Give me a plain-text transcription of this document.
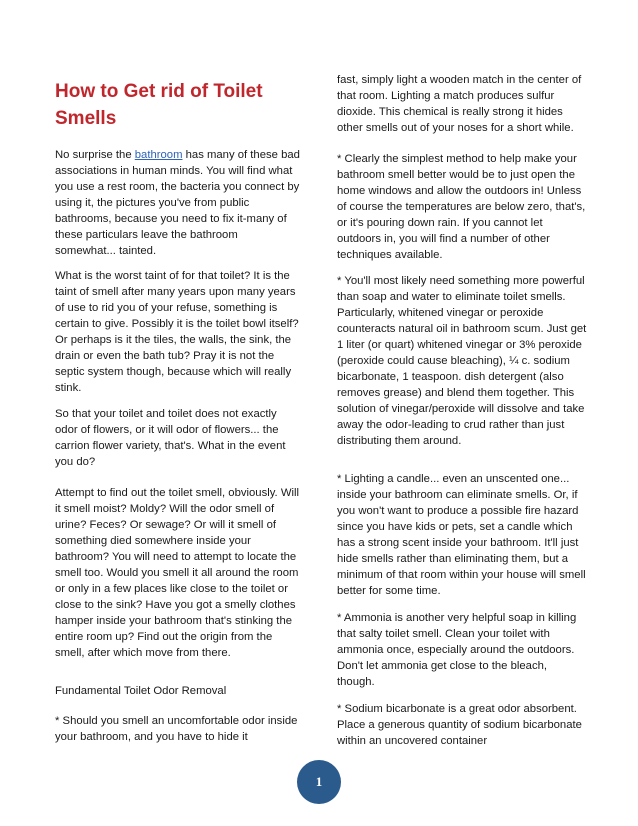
How to Get rid of Toilet Smells

No surprise the bathroom has many of these bad associations in human minds. You will find what you use a rest room, the bacteria you connect by using it, the pictures you've from public bathrooms, because you need to fix it-many of these particulars leave the bathroom somewhat... tainted.

What is the worst taint of for that toilet? It is the taint of smell after many years upon many years of use to rid you of your refuse, something is certain to give. Possibly it is the toilet bowl itself? Or perhaps is it the tiles, the walls, the sink, the drain or even the bath tub? Pray it is not the septic system though, because which will really stink.

So that your toilet and toilet does not exactly odor of flowers, or it will odor of flowers... the carrion flower variety, that's. What in the event you do?

Attempt to find out the toilet smell, obviously. Will it smell moist? Moldy? Will the odor smell of urine? Feces? Or sewage? Or will it smell of something died somewhere inside your bathroom? You will need to attempt to locate the smell too. Would you smell it all around the room or only in a few places like close to the toilet or close to the sink? Have you got a smelly clothes hamper inside your bathroom that's stinking the entire room up? Find out the origin from the smell, after which move from there.

Fundamental Toilet Odor Removal

* Should you smell an uncomfortable odor inside your bathroom, and you have to hide it

fast, simply light a wooden match in the center of that room. Lighting a match produces sulfur dioxide. This chemical is really strong it hides other smells out of your noses for a short while.

* Clearly the simplest method to help make your bathroom smell better would be to just open the home windows and allow the outdoors in! Unless of course the temperatures are below zero, that's, or it's pouring down rain. If you cannot let outdoors in, you will find a number of other techniques available.

* You'll most likely need something more powerful than soap and water to eliminate toilet smells. Particularly, whitened vinegar or peroxide counteracts natural oil in bathroom scum. Just get 1 liter (or quart) whitened vinegar or 3% peroxide (peroxide could cause bleaching), ¼ c. sodium bicarbonate, 1 teaspoon. dish detergent (also removes grease) and blend them together. This solution of vinegar/peroxide will dissolve and take away the odor-leading to crud rather than just distributing them around.

* Lighting a candle... even an unscented one... inside your bathroom can eliminate smells. Or, if you won't want to produce a possible fire hazard since you have kids or pets, set a candle which has a strong scent inside your bathroom. It'll just hide smells rather than eliminating them, but a minimum of that room within your house will smell better for some time.

* Ammonia is another very helpful soap in killing that salty toilet smell. Clean your toilet with ammonia once, especially around the outdoors. Don't let ammonia get close to the bleach, though.

* Sodium bicarbonate is a great odor absorbent. Place a generous quantity of sodium bicarbonate within an uncovered container

1
